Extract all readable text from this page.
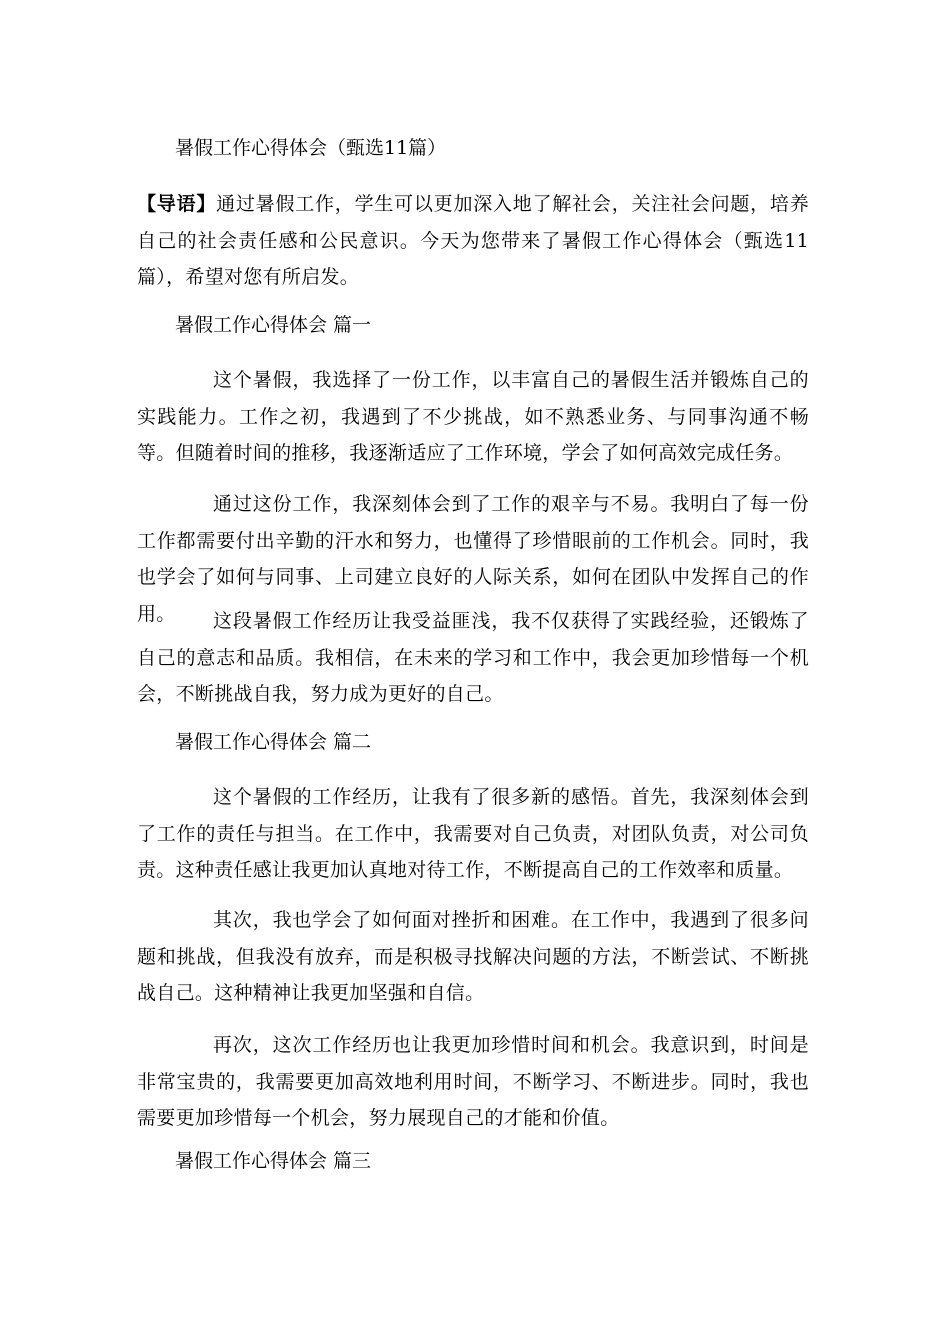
暑假工作心得体会（甄选11篇）

【导语】通过暑假工作，学生可以更加深入地了解社会，关注社会问题，培养自己的社会责任感和公民意识。今天为您带来了暑假工作心得体会（甄选11篇），希望对您有所启发。

暑假工作心得体会 篇一

这个暑假，我选择了一份工作，以丰富自己的暑假生活并锻炼自己的实践能力。工作之初，我遇到了不少挑战，如不熟悉业务、与同事沟通不畅等。但随着时间的推移，我逐渐适应了工作环境，学会了如何高效完成任务。

通过这份工作，我深刻体会到了工作的艰辛与不易。我明白了每一份工作都需要付出辛勤的汗水和努力，也懂得了珍惜眼前的工作机会。同时，我也学会了如何与同事、上司建立良好的人际关系，如何在团队中发挥自己的作用。	这段暑假工作经历让我受益匪浅，我不仅获得了实践经验，还锻炼了自己的意志和品质。我相信，在未来的学习和工作中，我会更加珍惜每一个机会，不断挑战自我，努力成为更好的自己。

暑假工作心得体会 篇二

这个暑假的工作经历，让我有了很多新的感悟。首先，我深刻体会到了工作的责任与担当。在工作中，我需要对自己负责，对团队负责，对公司负责。这种责任感让我更加认真地对待工作，不断提高自己的工作效率和质量。

其次，我也学会了如何面对挫折和困难。在工作中，我遇到了很多问题和挑战，但我没有放弃，而是积极寻找解决问题的方法，不断尝试、不断挑战自己。这种精神让我更加坚强和自信。

再次，这次工作经历也让我更加珍惜时间和机会。我意识到，时间是非常宝贵的，我需要更加高效地利用时间，不断学习、不断进步。同时，我也需要更加珍惜每一个机会，努力展现自己的才能和价值。

暑假工作心得体会 篇三
